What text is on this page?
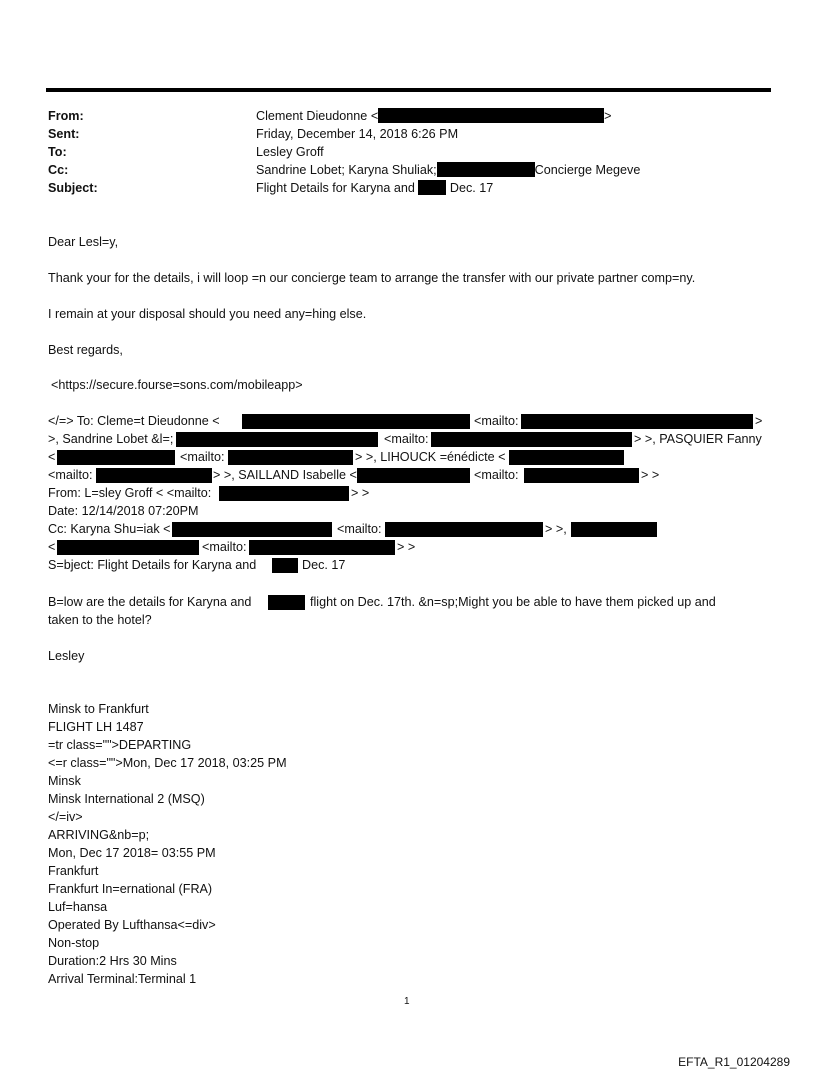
From:	Clement Dieudonne <	>
Sent:	Friday, December 14, 2018 6:26 PM
To:	Lesley Groff
Cc:	Sandrine Lobet; Karyna Shuliak;	Concierge Megeve
Subject:	Flight Details for Karyna and	Dec. 17
Dear Lesl=y,
Thank your for the details, i will loop =n our concierge team to arrange the transfer with our private partner comp=ny.
I remain at your disposal should you need any=hing else.
Best regards,
<https://secure.fourse=sons.com/mobileapp>
</=> To: Cleme=t Dieudonne <	<mailto:	>
>, Sandrine Lobet &l=;	<mailto:	> >, PASQUIER Fanny
<	<mailto:	> >, LIHOUCK =énédicte <
<mailto:	> >, SAILLAND Isabelle <	<mailto:	> >
From: L=sley Groff < <mailto:	> >
Date: 12/14/2018 07:20PM
Cc: Karyna Shu=iak <	<mailto:	> >,
<	<mailto:	> >
S=bject: Flight Details for Karyna and	Dec. 17
B=low are the details for Karyna and	flight on Dec. 17th. &n=sp;Might you be able to have them picked up and
taken to the hotel?
Lesley
Minsk to Frankfurt
FLIGHT LH 1487
=tr class="">DEPARTING
<=r class="">Mon, Dec 17 2018, 03:25 PM
Minsk
Minsk International 2 (MSQ)
</=iv>
ARRIVING&nb=p;
Mon, Dec 17 2018= 03:55 PM
Frankfurt
Frankfurt In=ernational (FRA)
Luf=hansa
Operated By Lufthansa<=div>
Non-stop
Duration:2 Hrs 30 Mins
Arrival Terminal:Terminal 1
1
EFTA_R1_01204289
